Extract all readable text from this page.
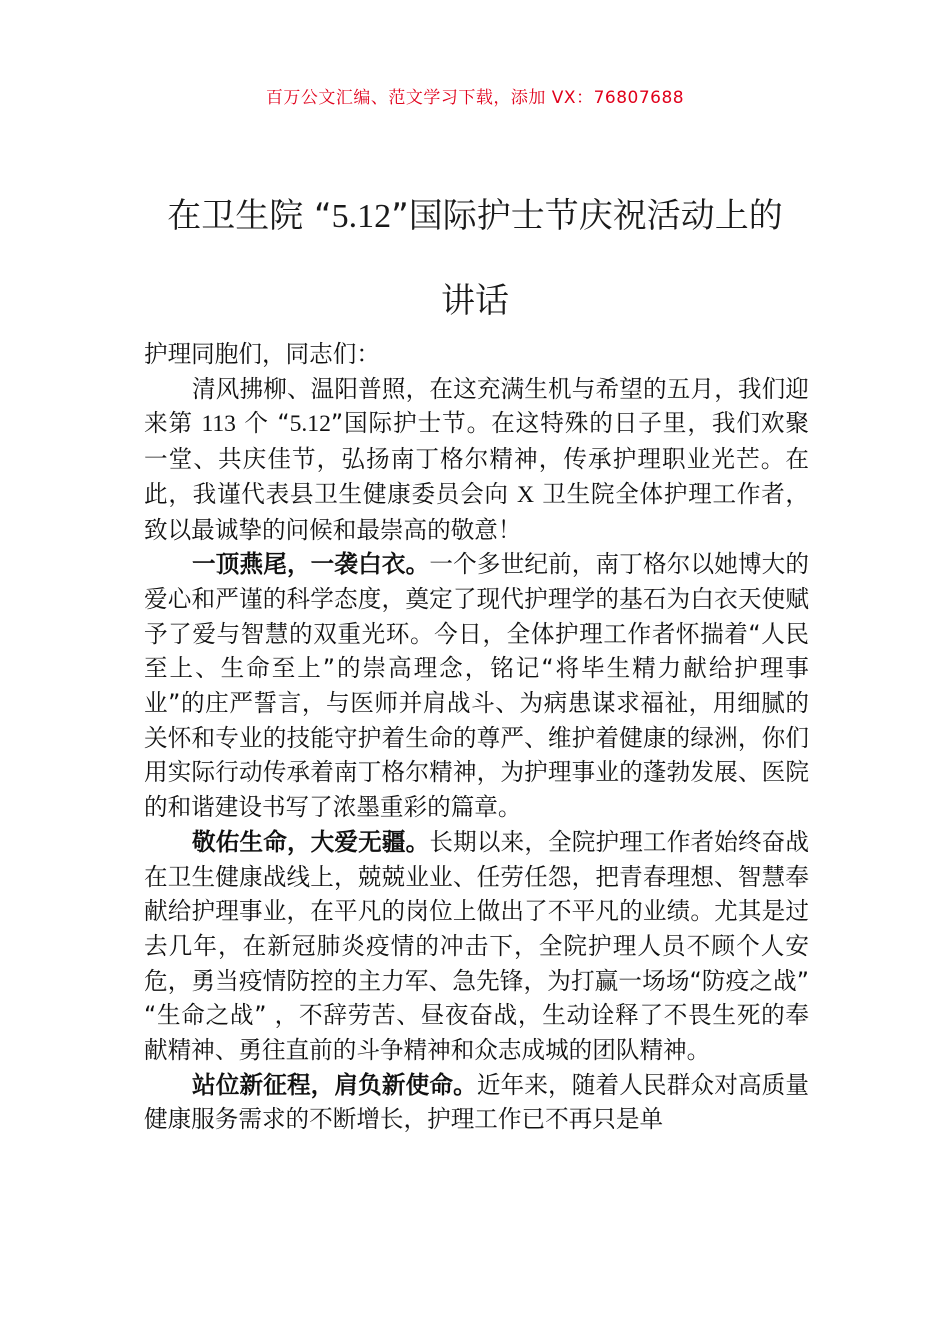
百万公文汇编、范文学习下载，添加 VX：76807688
在卫生院 “5.12”国际护士节庆祝活动上的
讲话

护理同胞们，同志们：

清风拂柳、温阳普照，在这充满生机与希望的五月，我们迎来第 113 个 “5.12”国际护士节。在这特殊的日子里，我们欢聚一堂、共庆佳节，弘扬南丁格尔精神，传承护理职业光芒。在此，我谨代表县卫生健康委员会向 X 卫生院全体护理工作者，致以最诚挚的问候和最崇高的敬意！

一顶燕尾，一袭白衣。一个多世纪前，南丁格尔以她博大的爱心和严谨的科学态度，奠定了现代护理学的基石为白衣天使赋予了爱与智慧的双重光环。今日，全体护理工作者怀揣着“人民至上、生命至上”的崇高理念，铭记“将毕生精力献给护理事业”的庄严誓言，与医师并肩战斗、为病患谋求福祉，用细腻的关怀和专业的技能守护着生命的尊严、维护着健康的绿洲，你们用实际行动传承着南丁格尔精神，为护理事业的蓬勃发展、医院的和谐建设书写了浓墨重彩的篇章。

敬佑生命，大爱无疆。长期以来，全院护理工作者始终奋战在卫生健康战线上，兢兢业业、任劳任怨，把青春理想、智慧奉献给护理事业，在平凡的岗位上做出了不平凡的业绩。尤其是过去几年，在新冠肺炎疫情的冲击下，全院护理人员不顾个人安危，勇当疫情防控的主力军、急先锋，为打赢一场场“防疫之战” “生命之战” ，不辞劳苦、昼夜奋战，生动诠释了不畏生死的奉献精神、勇往直前的斗争精神和众志成城的团队精神。

站位新征程，肩负新使命。近年来，随着人民群众对高质量健康服务需求的不断增长，护理工作已不再只是单
